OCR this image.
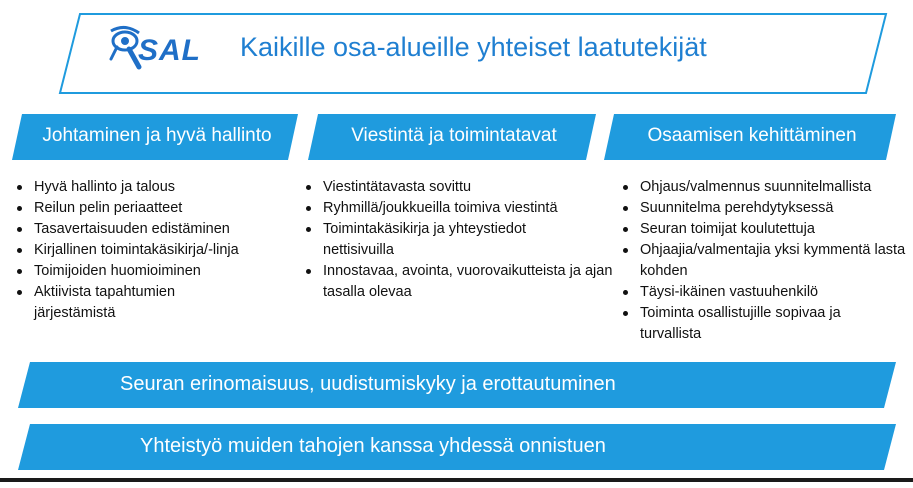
SAL Kaikille osa-alueille yhteiset laatutekijät
Johtaminen ja hyvä hallinto	Viestintä ja toimintatavat	Osaamisen kehittäminen
Hyvä hallinto ja talous
Reilun pelin periaatteet
Tasavertaisuuden edistäminen
Kirjallinen toimintakäsikirja/-linja
Toimijoiden huomioiminen
Aktiivista tapahtumien järjestämistä
Viestintätavasta sovittu
Ryhmillä/joukkueilla toimiva viestintä
Toimintakäsikirja ja yhteystiedot nettisivuilla
Innostavaa, avointa, vuorovaikutteista ja ajan tasalla olevaa
Ohjaus/valmennus suunnitelmallista
Suunnitelma perehdytyksessä
Seuran toimijat koulutettuja
Ohjaajia/valmentajia yksi kymmentä lasta kohden
Täysi-ikäinen vastuuhenkilö
Toiminta osallistujille sopivaa ja turvallista
Seuran erinomaisuus, uudistumiskyky ja erottautuminen
Yhteistyö muiden tahojen kanssa yhdessä onnistuen
